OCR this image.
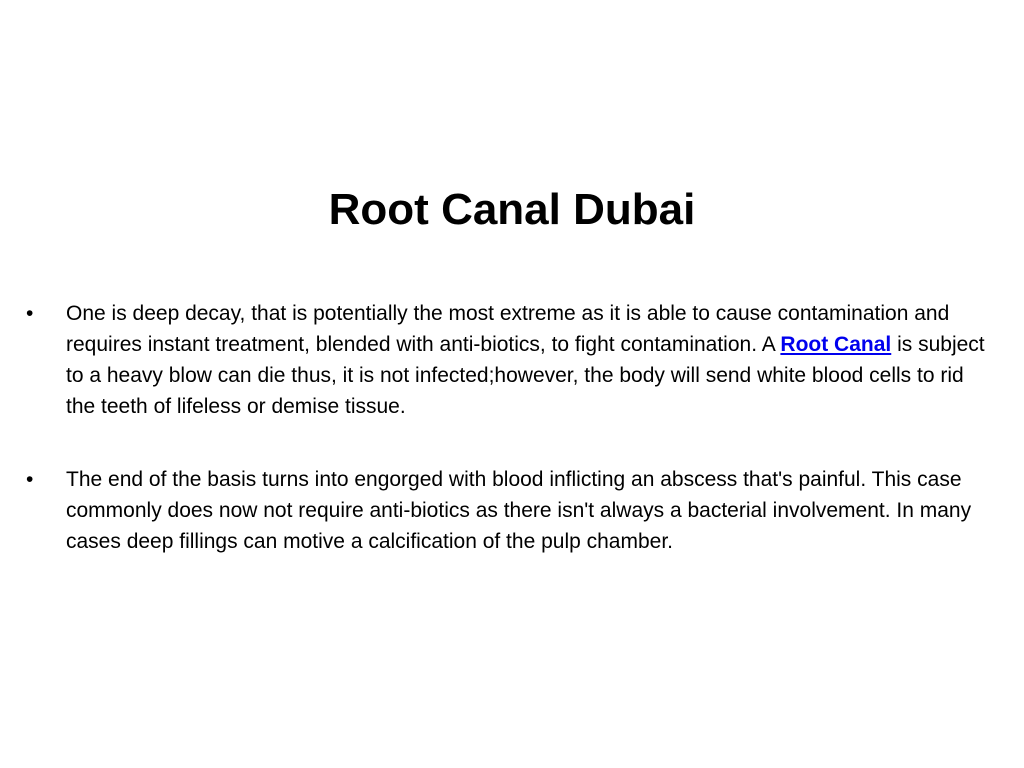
Root Canal Dubai
•	One is deep decay, that is potentially the most extreme as it is able to cause contamination and requires instant treatment, blended with anti-biotics, to fight contamination. A Root Canal is subject to a heavy blow can die thus, it is not infected;however, the body will send white blood cells to rid the teeth of lifeless or demise tissue.

•	The end of the basis turns into engorged with blood inflicting an abscess that's painful. This case commonly does now not require anti-biotics as there isn't always a bacterial involvement. In many cases deep fillings can motive a calcification of the pulp chamber.
